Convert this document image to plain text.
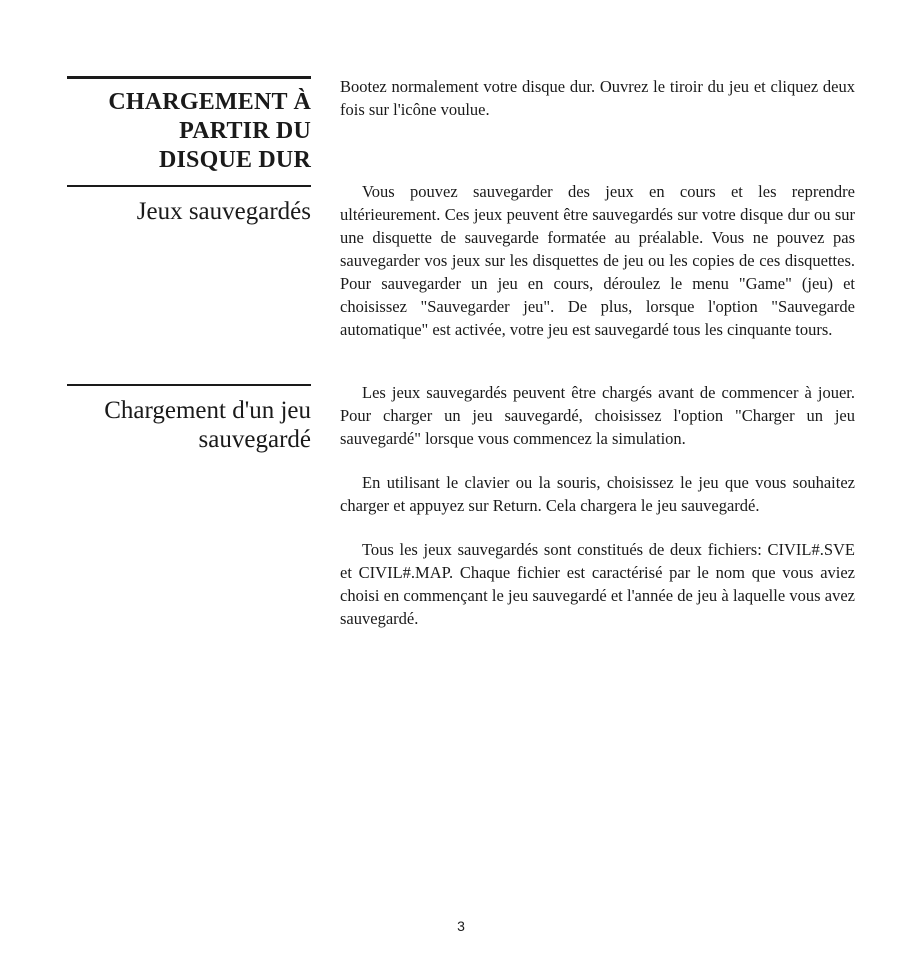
CHARGEMENT À
PARTIR DU
DISQUE DUR

Bootez normalement votre disque dur. Ouvrez le tiroir du jeu et cliquez deux fois sur l'icône voulue.

Jeux sauvegardés

Vous pouvez sauvegarder des jeux en cours et les reprendre ultérieurement. Ces jeux peuvent être sauvegardés sur votre disque dur ou sur une disquette de sauvegarde formatée au préalable. Vous ne pouvez pas sauvegarder vos jeux sur les disquettes de jeu ou les copies de ces disquettes. Pour sauvegarder un jeu en cours, déroulez le menu "Game" (jeu) et choisissez "Sauvegarder jeu". De plus, lorsque l'option "Sauvegarde automatique" est activée, votre jeu est sauvegardé tous les cinquante tours.

Chargement d'un jeu
sauvegardé

Les jeux sauvegardés peuvent être chargés avant de commencer à jouer. Pour charger un jeu sauvegardé, choisissez l'option "Charger un jeu sauvegardé" lorsque vous commencez la simulation.

En utilisant le clavier ou la souris, choisissez le jeu que vous souhaitez charger et appuyez sur Return. Cela chargera le jeu sauvegardé.

Tous les jeux sauvegardés sont constitués de deux fichiers: CIVIL#.SVE et CIVIL#.MAP. Chaque fichier est caractérisé par le nom que vous aviez choisi en commençant le jeu sauvegardé et l'année de jeu à laquelle vous avez sauvegardé.

3
